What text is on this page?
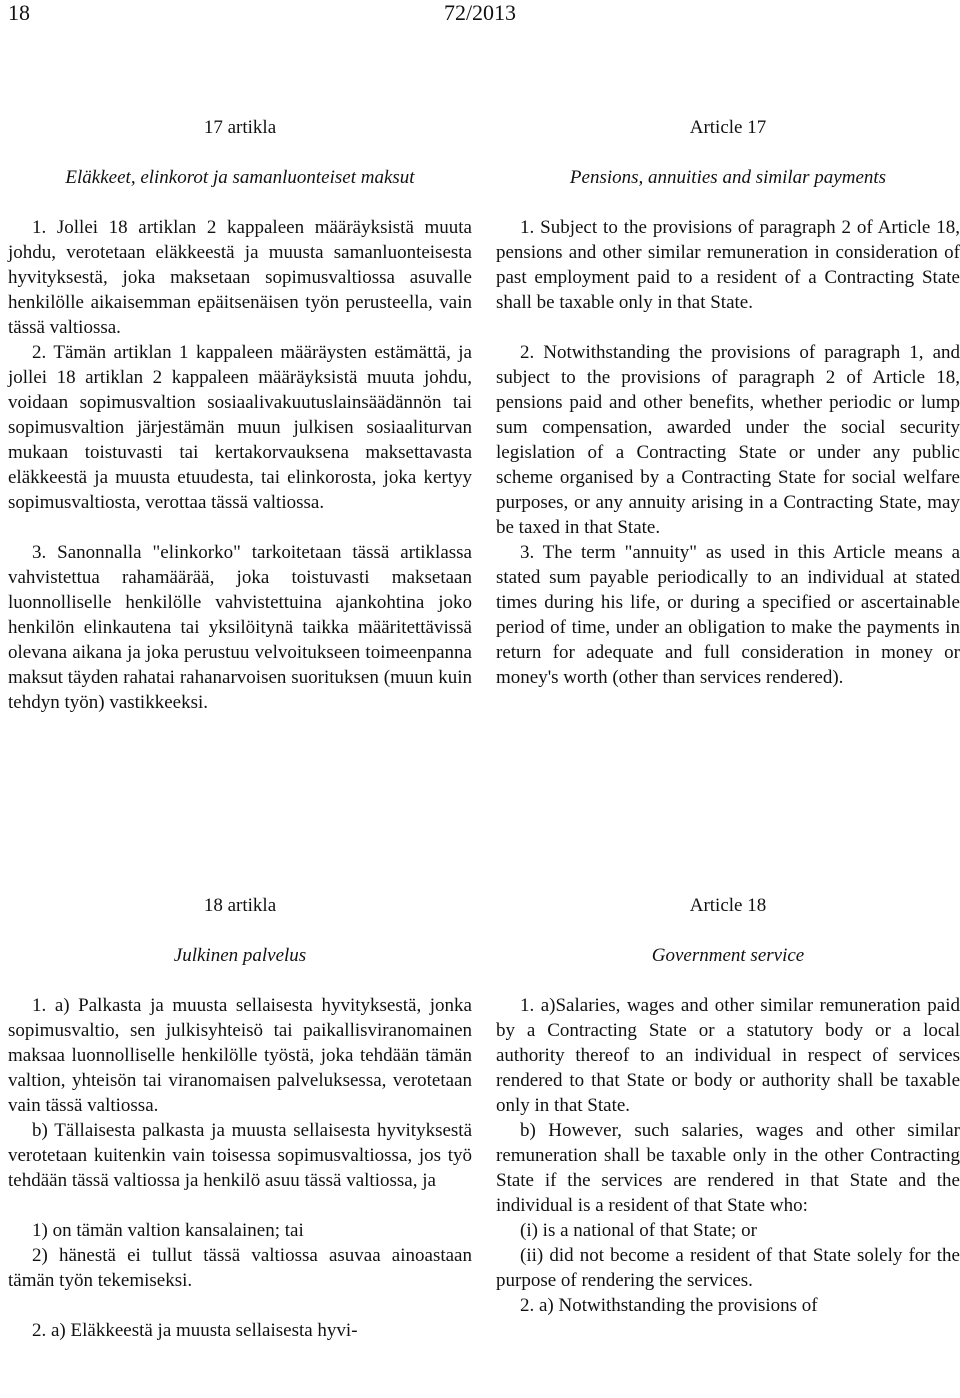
18	72/2013

17 artikla

Eläkkeet, elinkorot ja samanluonteiset maksut

1. Jollei 18 artiklan 2 kappaleen määräyksistä muuta johdu, verotetaan eläkkeestä ja muusta samanluonteisesta hyvityksestä, joka maksetaan sopimusvaltiossa asuvalle henkilölle aikaisemman epäitsenäisen työn perusteella, vain tässä valtiossa.

2. Tämän artiklan 1 kappaleen määräysten estämättä, ja jollei 18 artiklan 2 kappaleen määräyksistä muuta johdu, voidaan sopimusvaltion sosiaalivakuutuslainsäädännön tai sopimusvaltion järjestämän muun julkisen sosiaaliturvan mukaan toistuvasti tai kertakorvauksena maksettavasta eläkkeestä ja muusta etuudesta, tai elinkorosta, joka kertyy sopimusvaltiosta, verottaa tässä valtiossa.

3. Sanonnalla "elinkorko" tarkoitetaan tässä artiklassa vahvistettua rahamäärää, joka toistuvasti maksetaan luonnolliselle henkilölle vahvistettuina ajankohtina joko henkilön elinkautena tai yksilöitynä taikka määritettävissä olevana aikana ja joka perustuu velvoitukseen toimeenpanna maksut täyden rahatai rahanarvoisen suorituksen (muun kuin tehdyn työn) vastikkeeksi.

Article 17

Pensions, annuities and similar payments

1. Subject to the provisions of paragraph 2 of Article 18, pensions and other similar remuneration in consideration of past employment paid to a resident of a Contracting State shall be taxable only in that State.

2. Notwithstanding the provisions of paragraph 1, and subject to the provisions of paragraph 2 of Article 18, pensions paid and other benefits, whether periodic or lump sum compensation, awarded under the social security legislation of a Contracting State or under any public scheme organised by a Contracting State for social welfare purposes, or any annuity arising in a Contracting State, may be taxed in that State.

3. The term "annuity" as used in this Article means a stated sum payable periodically to an individual at stated times during his life, or during a specified or ascertainable period of time, under an obligation to make the payments in return for adequate and full consideration in money or money's worth (other than services rendered).

18 artikla

Julkinen palvelus

1. a) Palkasta ja muusta sellaisesta hyvityksestä, jonka sopimusvaltio, sen julkisyhteisö tai paikallisviranomainen maksaa luonnolliselle henkilölle työstä, joka tehdään tämän valtion, yhteisön tai viranomaisen palveluksessa, verotetaan vain tässä valtiossa.

b) Tällaisesta palkasta ja muusta sellaisesta hyvityksestä verotetaan kuitenkin vain toisessa sopimusvaltiossa, jos työ tehdään tässä valtiossa ja henkilö asuu tässä valtiossa, ja

1) on tämän valtion kansalainen; tai

2) hänestä ei tullut tässä valtiossa asuvaa ainoastaan tämän työn tekemiseksi.

2. a) Eläkkeestä ja muusta sellaisesta hyvi-

Article 18

Government service

1. a)Salaries, wages and other similar remuneration paid by a Contracting State or a statutory body or a local authority thereof to an individual in respect of services rendered to that State or body or authority shall be taxable only in that State.

b) However, such salaries, wages and other similar remuneration shall be taxable only in the other Contracting State if the services are rendered in that State and the individual is a resident of that State who:

(i) is a national of that State; or

(ii) did not become a resident of that State solely for the purpose of rendering the services.

2. a) Notwithstanding the provisions of
